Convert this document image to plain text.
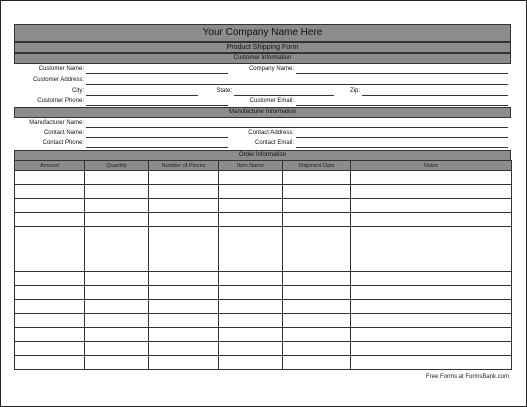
Your Company Name Here
Product Shipping Form
Customer Information
Customer Name:	Company Name:
Customer Address:
City:	State:	Zip:
Customer Phone:	Customer Email:
Manufacturer Information
Manufacturer Name:
Contact Name:	Contact Address:
Contact Phone:	Contact Email:
Order Information
Amount	Quantity	Number of Pieces	Item Name	Shipment Date	Notes

Free Forms at FormsBank.com
